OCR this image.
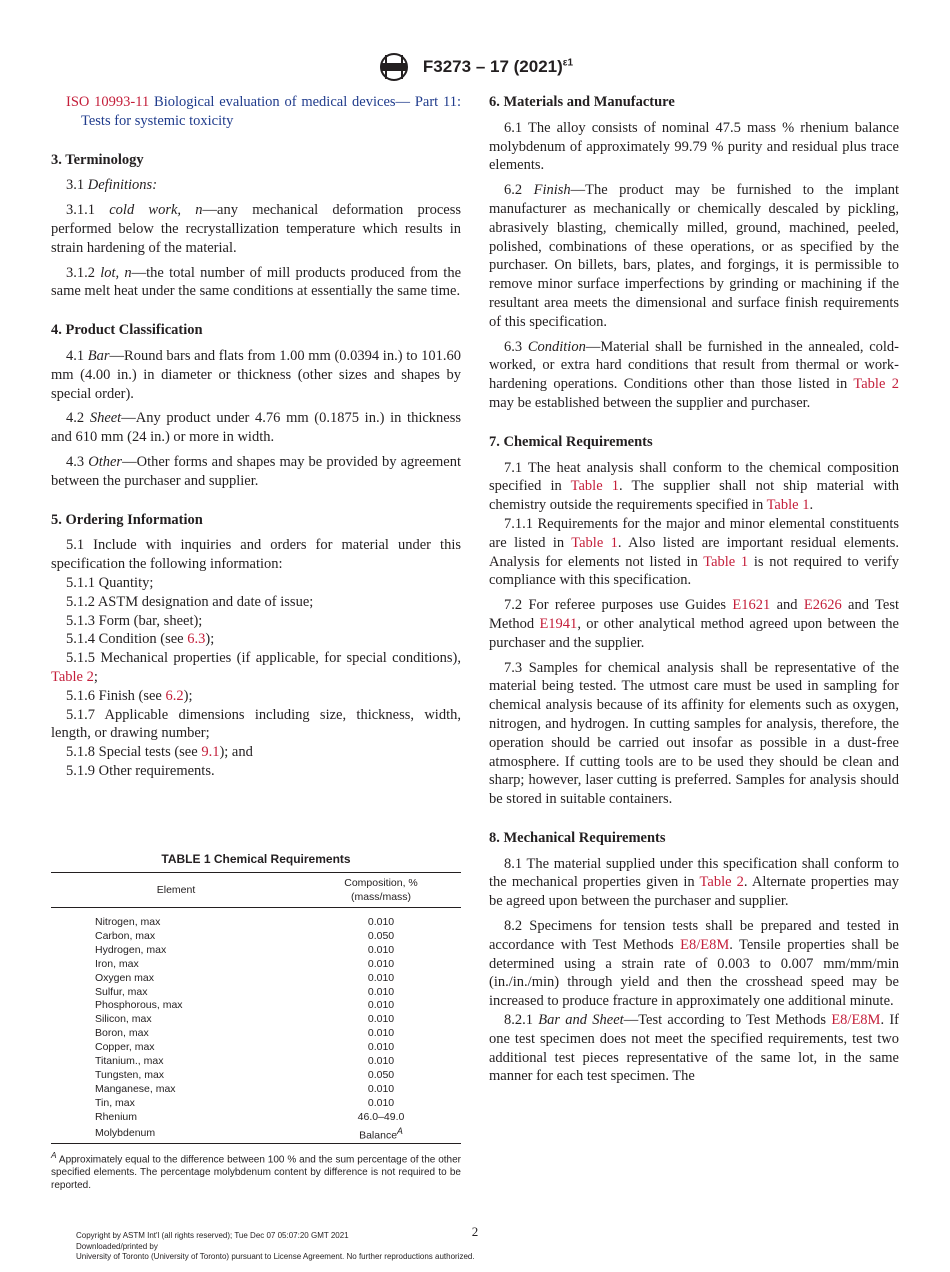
F3273 – 17 $(2021)^{\varepsilon 1}$

ISO 10993-11 Biological evaluation of medical devices— Part 11: Tests for systemic toxicity

3. Terminology

3.1 Definitions:

3.1.1 cold work, n—any mechanical deformation process performed below the recrystallization temperature which results in strain hardening of the material.

3.1.2 lot, n—the total number of mill products produced from the same melt heat under the same conditions at essentially the same time.

4. Product Classification

4.1 Bar—Round bars and flats from 1.00 mm (0.0394 in.) to 101.60 mm (4.00 in.) in diameter or thickness (other sizes and shapes by special order).

4.2 Sheet—Any product under 4.76 mm (0.1875 in.) in thickness and 610 mm (24 in.) or more in width.

4.3 Other—Other forms and shapes may be provided by agreement between the purchaser and supplier.

5. Ordering Information

5.1 Include with inquiries and orders for material under this specification the following information:

5.1.1 Quantity;

5.1.2 ASTM designation and date of issue;

5.1.3 Form (bar, sheet);

5.1.4 Condition (see 6.3);

5.1.5 Mechanical properties (if applicable, for special conditions), Table 2;

5.1.6 Finish (see 6.2);

5.1.7 Applicable dimensions including size, thickness, width, length, or drawing number;

5.1.8 Special tests (see 9.1); and

5.1.9 Other requirements.

TABLE 1 Chemical Requirements
Element	Composition, %
(mass/mass)
Nitrogen, max	0.010
Carbon, max	0.050
Hydrogen, max	0.010
Iron, max	0.010
Oxygen max	0.010
Sulfur, max	0.010
Phosphorous, max	0.010
Silicon, max	0.010
Boron, max	0.010
Copper, max	0.010
Titanium., max	0.010
Tungsten, max	0.050
Manganese, max	0.010
Tin, max	0.010
Rhenium	46.0–49.0
Molybdenum	Balance$^A$
$^A$ Approximately equal to the difference between 100 % and the sum percentage of the other specified elements. The percentage molybdenum content by difference is not required to be reported.
6. Materials and Manufacture

6.1 The alloy consists of nominal 47.5 mass % rhenium balance molybdenum of approximately 99.79 % purity and residual plus trace elements.

6.2 Finish—The product may be furnished to the implant manufacturer as mechanically or chemically descaled by pickling, abrasively blasting, chemically milled, ground, machined, peeled, polished, combinations of these operations, or as specified by the purchaser. On billets, bars, plates, and forgings, it is permissible to remove minor surface imperfections by grinding or machining if the resultant area meets the dimensional and surface finish requirements of this specification.

6.3 Condition—Material shall be furnished in the annealed, cold-worked, or extra hard conditions that result from thermal or work-hardening operations. Conditions other than those listed in Table 2 may be established between the supplier and purchaser.

7. Chemical Requirements

7.1 The heat analysis shall conform to the chemical composition specified in Table 1. The supplier shall not ship material with chemistry outside the requirements specified in Table 1.

7.1.1 Requirements for the major and minor elemental constituents are listed in Table 1. Also listed are important residual elements. Analysis for elements not listed in Table 1 is not required to verify compliance with this specification.

7.2 For referee purposes use Guides E1621 and E2626 and Test Method E1941, or other analytical method agreed upon between the purchaser and the supplier.

7.3 Samples for chemical analysis shall be representative of the material being tested. The utmost care must be used in sampling for chemical analysis because of its affinity for elements such as oxygen, nitrogen, and hydrogen. In cutting samples for analysis, therefore, the operation should be carried out insofar as possible in a dust-free atmosphere. If cutting tools are to be used they should be clean and sharp; however, laser cutting is preferred. Samples for analysis should be stored in suitable containers.

8. Mechanical Requirements

8.1 The material supplied under this specification shall conform to the mechanical properties given in Table 2. Alternate properties may be agreed upon between the purchaser and supplier.

8.2 Specimens for tension tests shall be prepared and tested in accordance with Test Methods E8/E8M. Tensile properties shall be determined using a strain rate of 0.003 to 0.007 mm/mm/min (in./in./min) through yield and then the crosshead speed may be increased to produce fracture in approximately one additional minute.

8.2.1 Bar and Sheet—Test according to Test Methods E8/E8M. If one test specimen does not meet the specified requirements, test two additional test pieces representative of the same lot, in the same manner for each test specimen. The

2
Copyright by ASTM Int'l (all rights reserved); Tue Dec 07 05:07:20 GMT 2021
Downloaded/printed by
University of Toronto (University of Toronto) pursuant to License Agreement. No further reproductions authorized.
